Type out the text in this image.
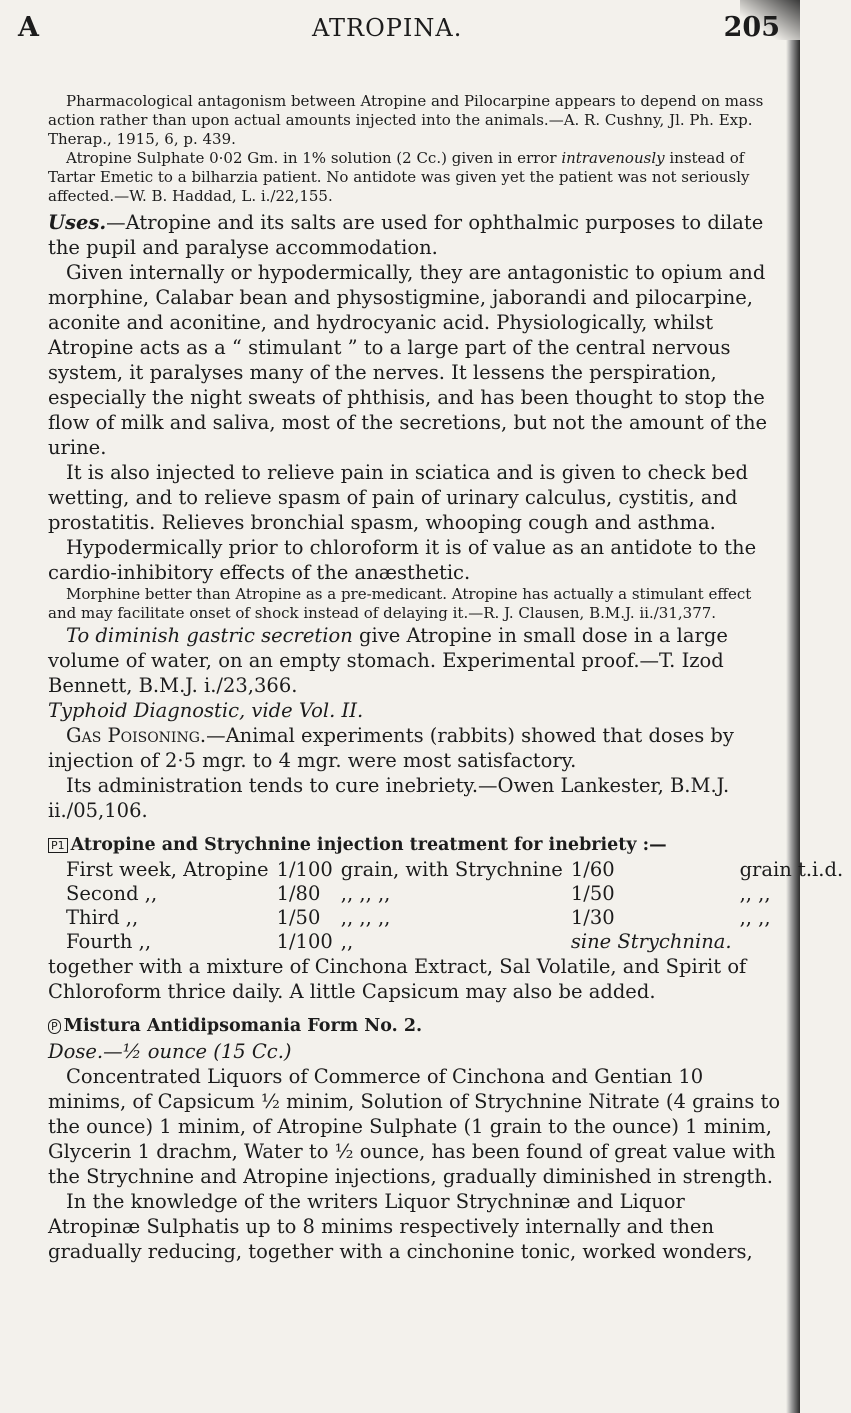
A	ATROPINA.	205

Pharmacological antagonism between Atropine and Pilocarpine appears to depend on mass action rather than upon actual amounts injected into the animals.—A. R. Cushny, Jl. Ph. Exp. Therap., 1915, 6, p. 439.

Atropine Sulphate 0·02 Gm. in 1% solution (2 Cc.) given in error intravenously instead of Tartar Emetic to a bilharzia patient. No antidote was given yet the patient was not seriously affected.—W. B. Haddad, L. i./22,155.

Uses.—Atropine and its salts are used for ophthalmic purposes to dilate the pupil and paralyse accommodation.

Given internally or hypodermically, they are antagonistic to opium and morphine, Calabar bean and physostigmine, jaborandi and pilocarpine, aconite and aconitine, and hydrocyanic acid. Physiologically, whilst Atropine acts as a “ stimulant ” to a large part of the central nervous system, it paralyses many of the nerves. It lessens the perspiration, especially the night sweats of phthisis, and has been thought to stop the flow of milk and saliva, most of the secretions, but not the amount of the urine.

It is also injected to relieve pain in sciatica and is given to check bed wetting, and to relieve spasm of pain of urinary calculus, cystitis, and prostatitis. Relieves bronchial spasm, whooping cough and asthma.

Hypodermically prior to chloroform it is of value as an antidote to the cardio-inhibitory effects of the anæsthetic.

Morphine better than Atropine as a pre-medicant. Atropine has actually a stimulant effect and may facilitate onset of shock instead of delaying it.—R. J. Clausen, B.M.J. ii./31,377.

To diminish gastric secretion give Atropine in small dose in a large volume of water, on an empty stomach. Experimental proof.—T. Izod Bennett, B.M.J. i./23,366.

Typhoid Diagnostic, vide Vol. II.

Gas Poisoning.—Animal experiments (rabbits) showed that doses by injection of 2·5 mgr. to 4 mgr. were most satisfactory.

Its administration tends to cure inebriety.—Owen Lankester, B.M.J. ii./05,106.

P1 Atropine and Strychnine injection treatment for inebriety :—

First week, Atropine	1/100	grain, with Strychnine	1/60	grain t.i.d.
Second ,,	1/80	,, ,, ,,	1/50	,, ,,
Third ,,	1/50	,, ,, ,,	1/30	,, ,,
Fourth ,,	1/100	,,	sine Strychnina.	

together with a mixture of Cinchona Extract, Sal Volatile, and Spirit of Chloroform thrice daily. A little Capsicum may also be added.

P Mistura Antidipsomania Form No. 2.

Dose.—½ ounce (15 Cc.)

Concentrated Liquors of Commerce of Cinchona and Gentian 10 minims, of Capsicum ½ minim, Solution of Strychnine Nitrate (4 grains to the ounce) 1 minim, of Atropine Sulphate (1 grain to the ounce) 1 minim, Glycerin 1 drachm, Water to ½ ounce, has been found of great value with the Strychnine and Atropine injections, gradually diminished in strength.

In the knowledge of the writers Liquor Strychninæ and Liquor Atropinæ Sulphatis up to 8 minims respectively internally and then gradually reducing, together with a cinchonine tonic, worked wonders,
